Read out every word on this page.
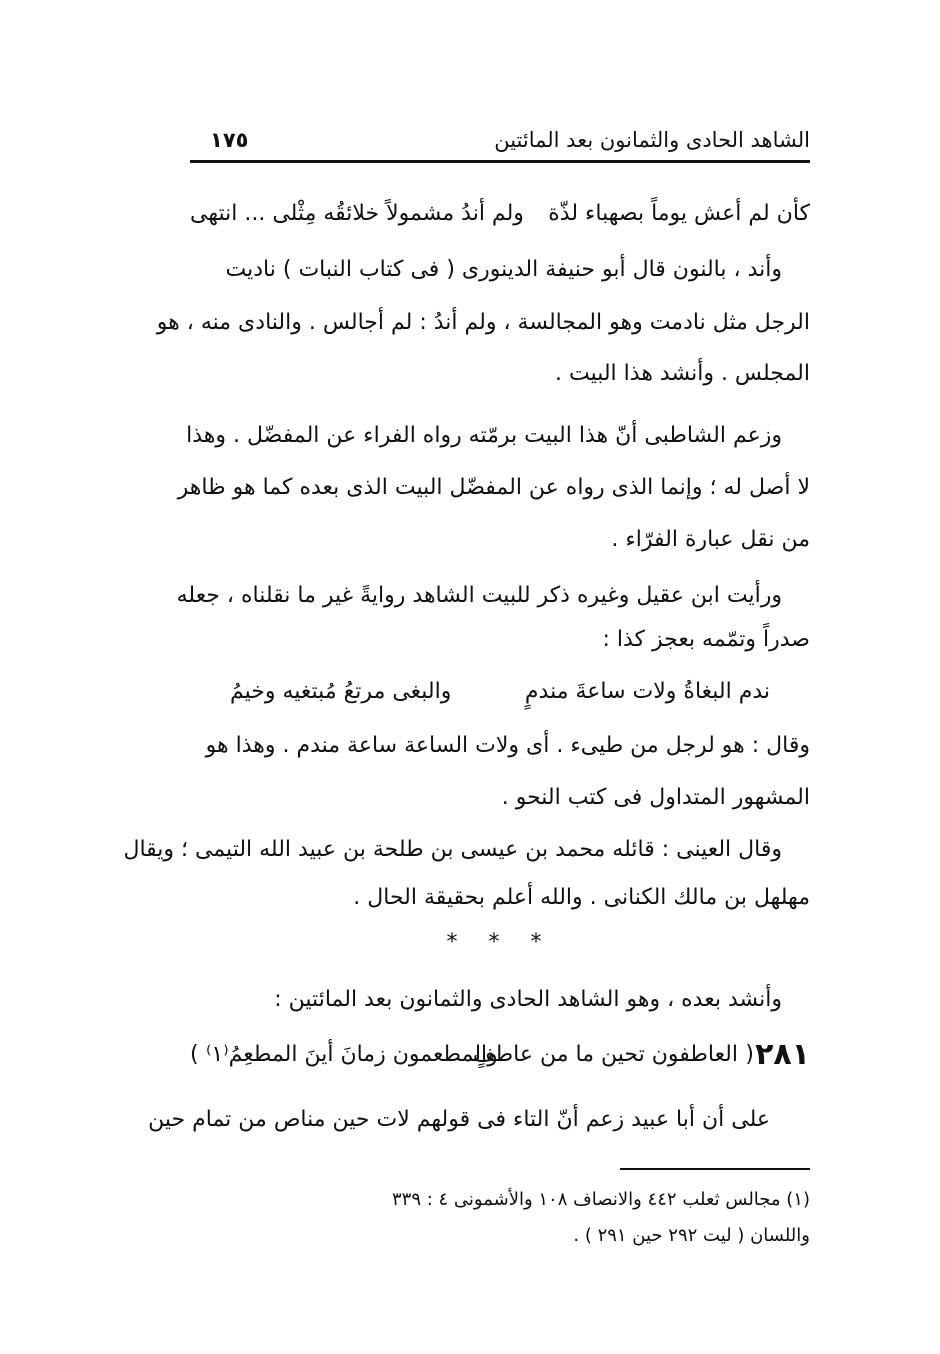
الشاهد الحادى والثمانون بعد المائتين
١٧٥
كأن لم أعش يوماً بصهباء لذّة
ولم أندُ مشمولاً خلائقُه مِثْلى ... انتهى
وأند ، بالنون قال أبو حنيفة الدينورى ( فى كتاب النبات ) ناديت
الرجل مثل نادمت وهو المجالسة ، ولم أندُ : لم أجالس . والنادى منه ، هو
المجلس . وأنشد هذا البيت .
وزعم الشاطبى أنّ هذا البيت برمّته رواه الفراء عن المفضّل . وهذا
لا أصل له ؛ وإنما الذى رواه عن المفضّل البيت الذى بعده كما هو ظاهر
من نقل عبارة الفرّاء .
ورأيت ابن عقيل وغيره ذكر للبيت الشاهد روايةً غير ما نقلناه ، جعله
صدراً وتمّمه بعجز كذا :
ندم البغاةُ ولات ساعةَ مندمٍ
والبغى مرتعُ مُبتغيه وخيمُ
وقال : هو لرجل من طيىء . أى ولات الساعة ساعة مندم . وهذا هو
المشهور المتداول فى كتب النحو .
وقال العينى : قائله محمد بن عيسى بن طلحة بن عبيد الله التيمى ؛ ويقال
مهلهل بن مالك الكنانى . والله أعلم بحقيقة الحال .
* * *
وأنشد بعده ، وهو الشاهد الحادى والثمانون بعد المائتين :
٢٨١
(
العاطفون تحين ما من عاطفٍ
والمطعمون زمانَ أينَ المطعِمُ⁽١⁾
)
على أن أبا عبيد زعم أنّ التاء فى قولهم لات حين مناص من تمام حين
(١) مجالس ثعلب ٤٤٢ والانصاف ١٠٨ والأشمونى ٤ : ٣٣٩
واللسان ( ليت ٢٩٢ حين ٢٩١ ) .
